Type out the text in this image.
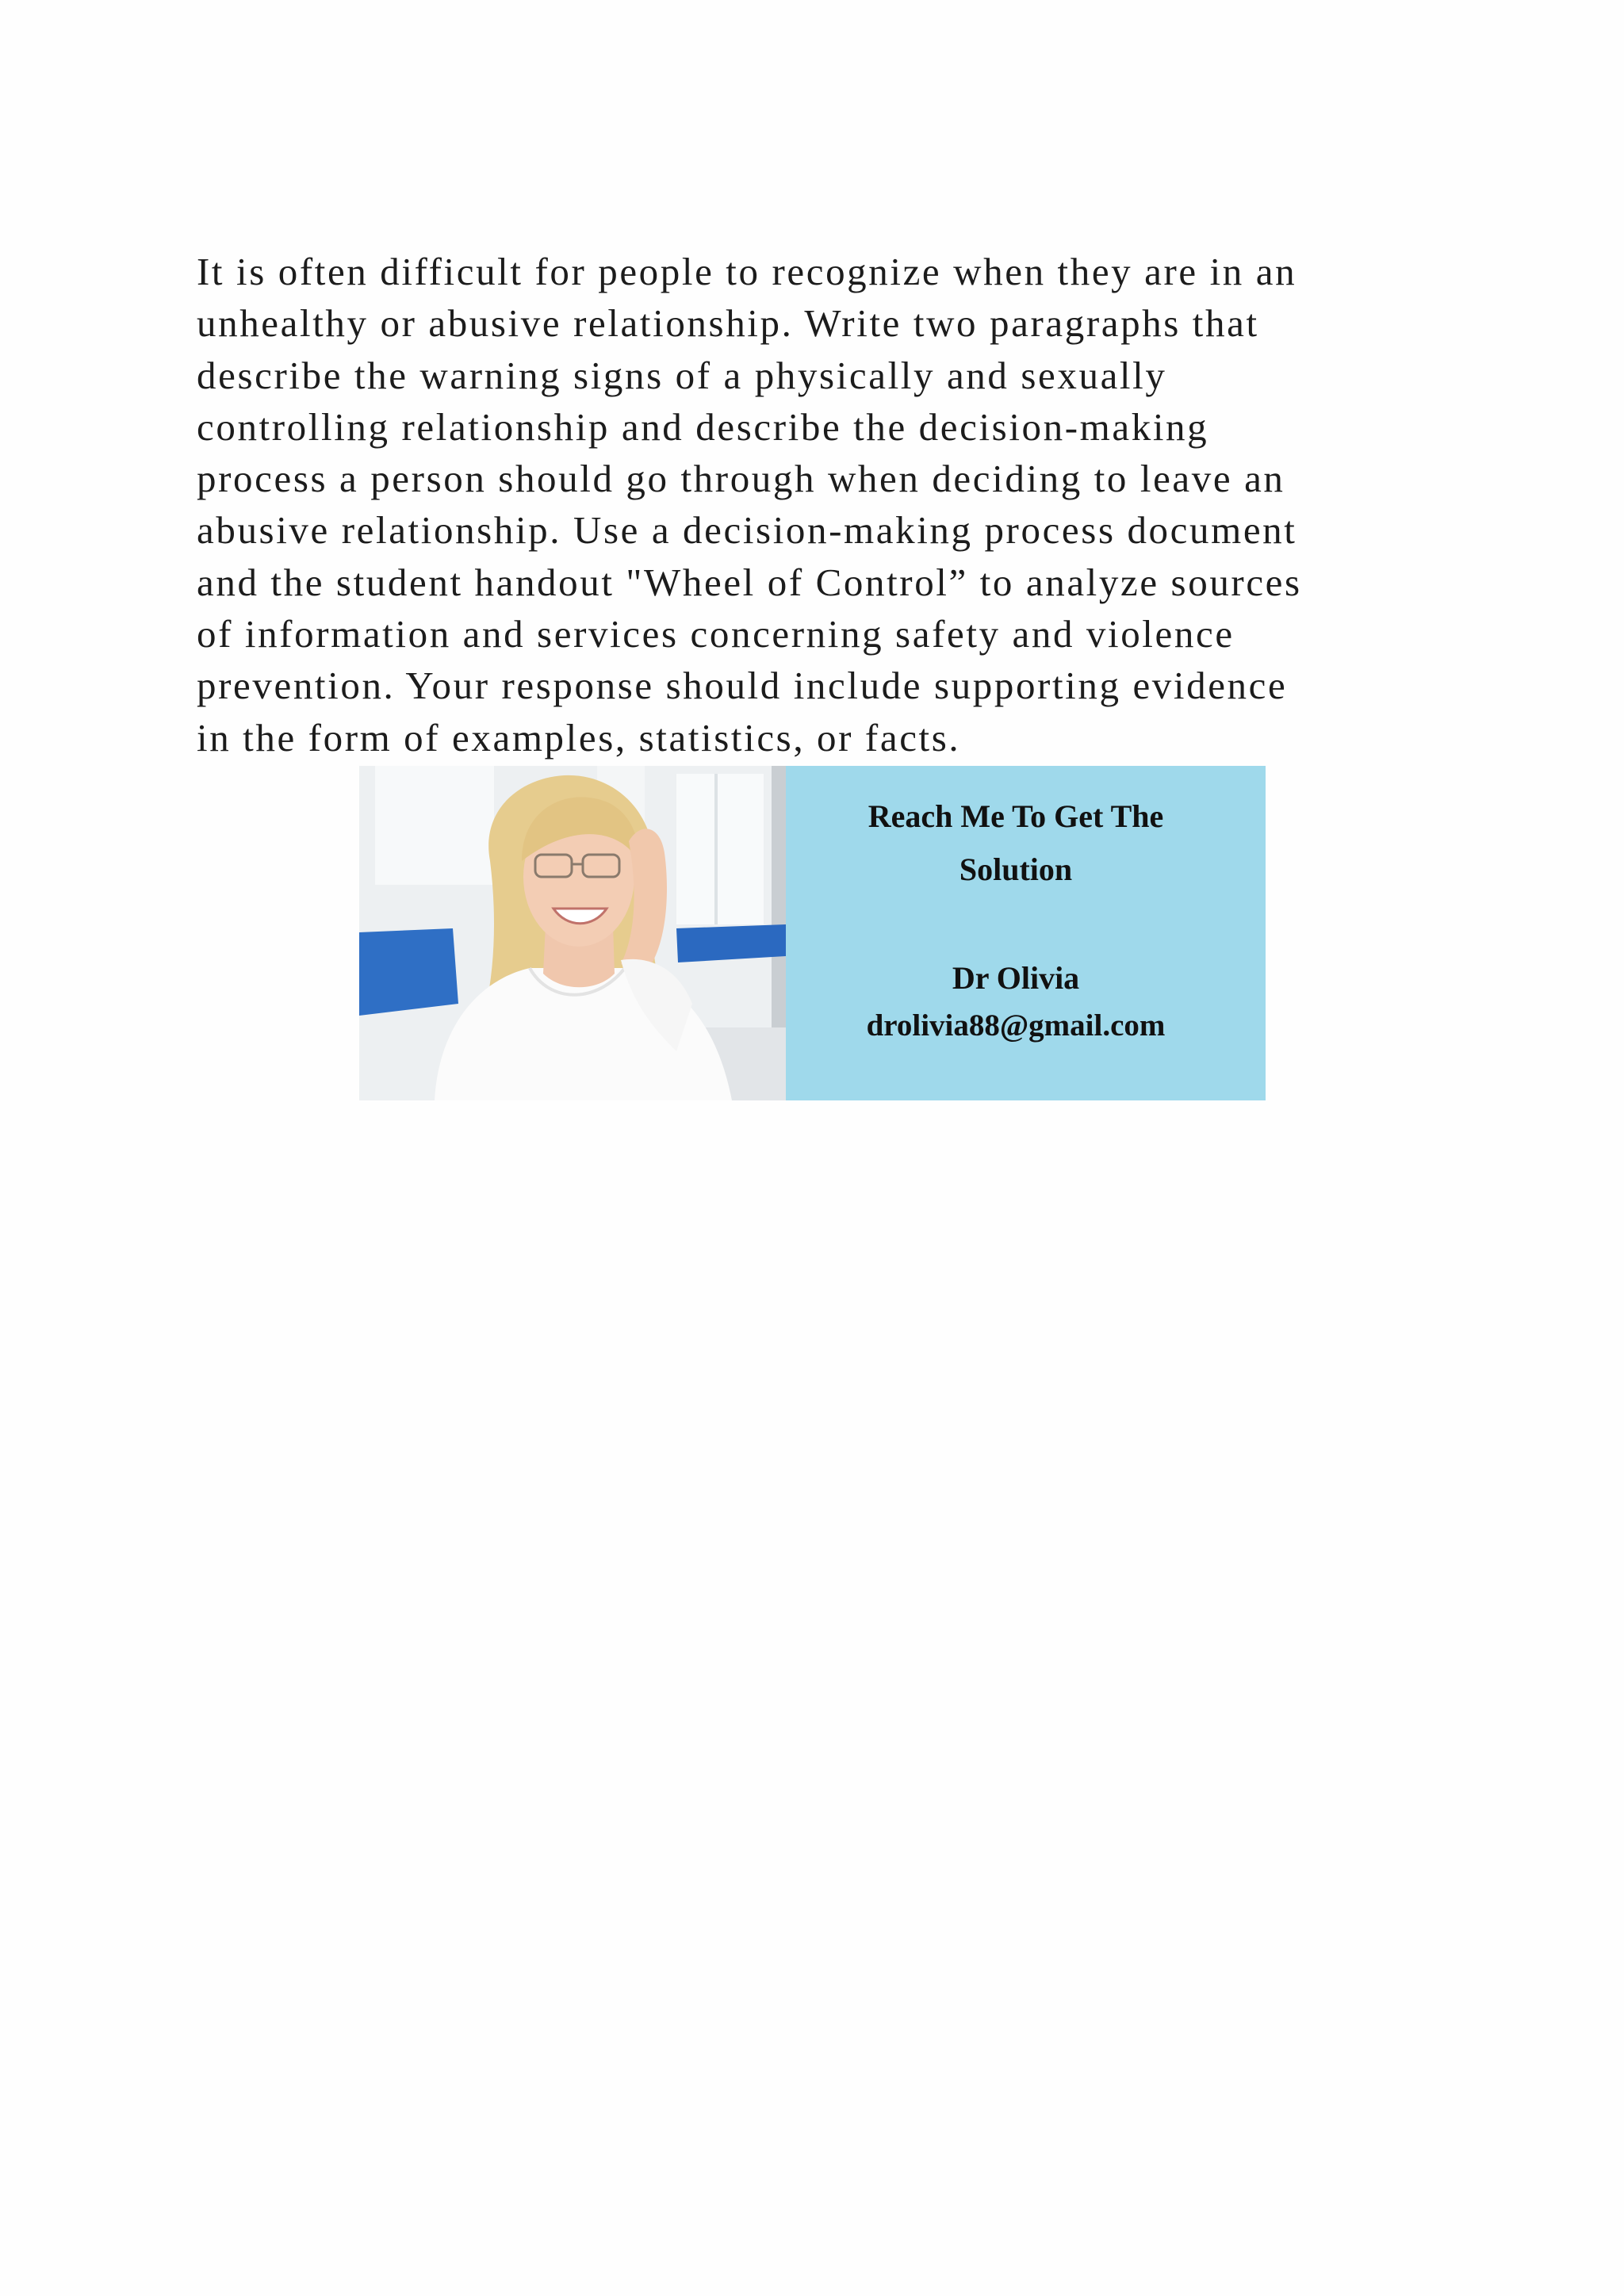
It is often difficult for people to recognize when they are in an
unhealthy or abusive relationship. Write two paragraphs that
describe the warning signs of a physically and sexually
controlling relationship and describe the decision-making
process a person should go through when deciding to leave an
abusive relationship. Use a decision-making process document
and the student handout "Wheel of Control” to analyze sources
of information and services concerning safety and violence
prevention. Your response should include supporting evidence
in the form of examples, statistics, or facts.

Reach Me To Get The
Solution

Dr Olivia

drolivia88@gmail.com
